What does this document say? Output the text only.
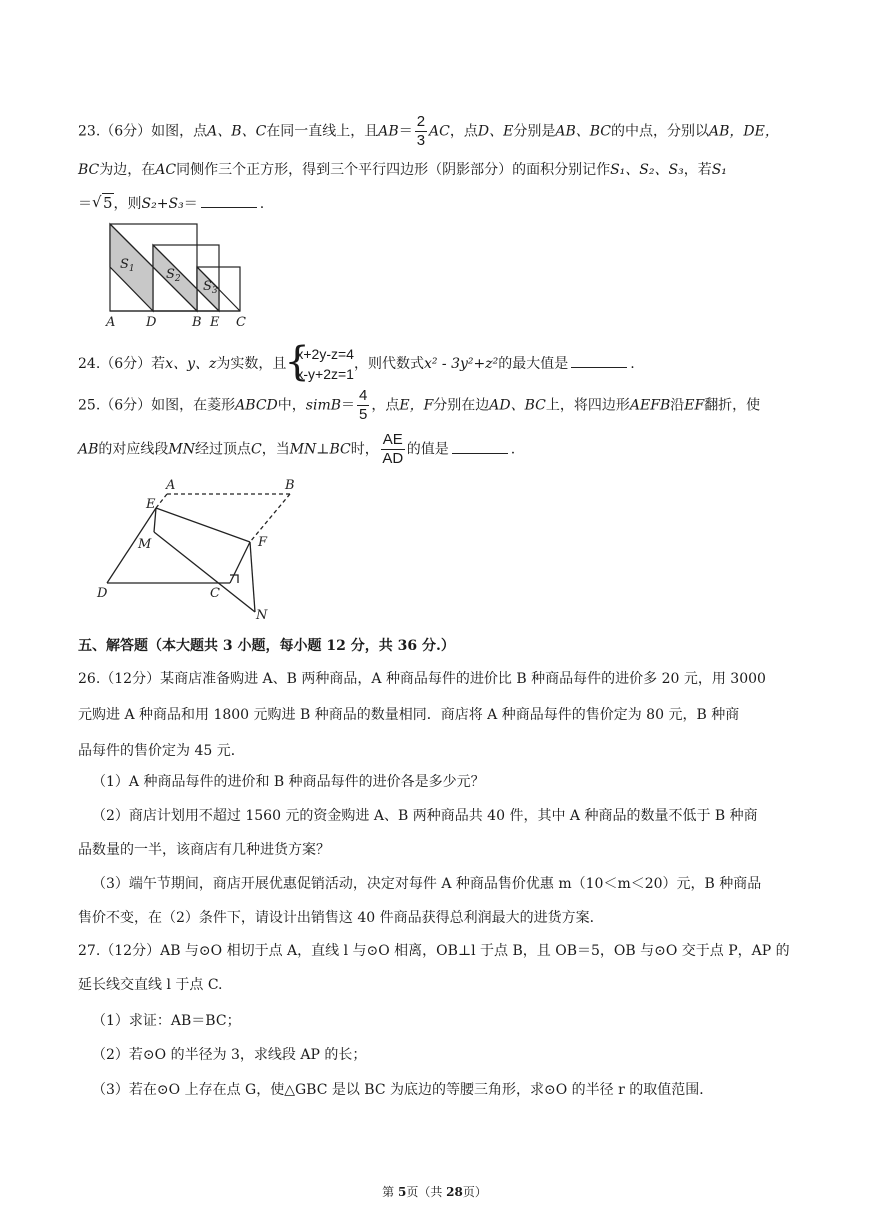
23.（6分）如图，点A、B、C在同一直线上，且$AB= \frac{2}{3}$ AC，点D、E分别是AB、BC的中点，分别以AB，DE，
BC为边，在AC同侧作三个正方形，得到三个平行四边形（阴影部分）的面积分别记作S₁、S₂、S₃，若S₁
＝√ 5，则S₂+S₃＝	.
$S_1$ $S_2$ $S_3$
A D	B E C
24.（6分）若x、y、z为实数，且
{ x+2y-z=4
x-y+2z=1
，则代数式x² - 3y²+z²的最大值是	.
25.（6分）如图，在菱形ABCD中，simB＝ $\frac{4}{5}$ ，点E，F分别在边AD、BC上，将四边形AEFB沿EF翻折，使
AB的对应线段MN经过顶点C，当MN⊥BC时， $\frac{AE}{AD}$ 的值是	.
A	B
E
M	F
D	C
N
五、解答题（本大题共 3 小题，每小题 12 分，共 36 分.）
26.（12分）某商店准备购进 A、B 两种商品，A 种商品每件的进价比 B 种商品每件的进价多 20 元，用 3000
元购进 A 种商品和用 1800 元购进 B 种商品的数量相同．商店将 A 种商品每件的售价定为 80 元，B 种商
品每件的售价定为 45 元．
（1）A 种商品每件的进价和 B 种商品每件的进价各是多少元？
（2）商店计划用不超过 1560 元的资金购进 A、B 两种商品共 40 件，其中 A 种商品的数量不低于 B 种商
品数量的一半，该商店有几种进货方案？
（3）端午节期间，商店开展优惠促销活动，决定对每件 A 种商品售价优惠 m（10＜m＜20）元，B 种商品
售价不变，在（2）条件下，请设计出销售这 40 件商品获得总利润最大的进货方案．
27.（12分）AB 与⊙O 相切于点 A，直线 l 与⊙O 相离，OB⊥l 于点 B，且 OB＝5，OB 与⊙O 交于点 P，AP 的
延长线交直线 l 于点 C.
（1）求证：AB＝BC；
（2）若⊙O 的半径为 3，求线段 AP 的长；
（3）若在⊙O 上存在点 G，使△GBC 是以 BC 为底边的等腰三角形，求⊙O 的半径 r 的取值范围．
第 5页（共 28页）
